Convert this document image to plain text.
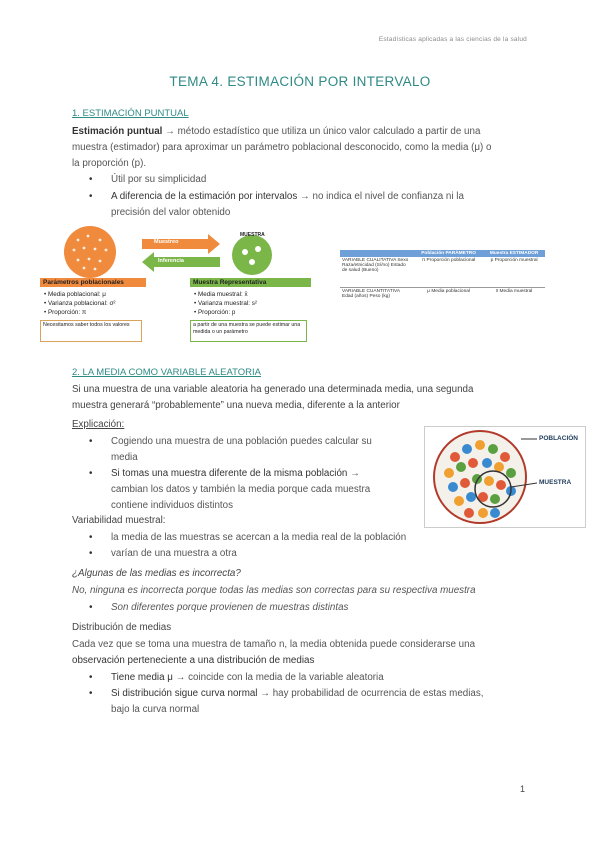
Estadísticas aplicadas a las ciencias de la salud
TEMA 4. ESTIMACIÓN POR INTERVALO
1. ESTIMACIÓN PUNTUAL
Estimación puntual → método estadístico que utiliza un único valor calculado a partir de una
muestra (estimador) para aproximar un parámetro poblacional desconocido, como la media (μ) o
la proporción (p).
• Útil por su simplicidad
• A diferencia de la estimación por intervalos → no indica el nivel de confianza ni la
precisión del valor obtenido
Muestreo
Inferencia
MUESTRA
Parámetros poblacionales
• Media poblacional: μ
• Varianza poblacional: σ²
• Proporción: π
Necesitamos saber todos los valores
Muestra Representativa
• Media muestral: x̄
• Varianza muestral: s²
• Proporción: p
a partir de una muestra se puede estimar una medida o un parámetro
	Población PARÁMETRO	Muestra ESTIMADOR
VARIABLE CUALITATIVA Sexo Raza/etnicidad (Sí/no) Estado de salud (Bueno)	π Proporción poblacional	p Proporción muestral
VARIABLE CUANTITATIVA Edad (años) Peso (kg)	μ Media poblacional	x̄ Media muestral
2. LA MEDIA COMO VARIABLE ALEATORIA
Si una muestra de una variable aleatoria ha generado una determinada media, una segunda
muestra generará “probablemente” una nueva media, diferente a la anterior
Explicación:
• Cogiendo una muestra de una población puedes calcular su
media
• Si tomas una muestra diferente de la misma población →
cambian los datos y también la media porque cada muestra
contiene individuos distintos
POBLACIÓN
MUESTRA
Variabilidad muestral:
• la media de las muestras se acercan a la media real de la población
• varían de una muestra a otra
¿Algunas de las medias es incorrecta?
No, ninguna es incorrecta porque todas las medias son correctas para su respectiva muestra
• Son diferentes porque provienen de muestras distintas
Distribución de medias
Cada vez que se toma una muestra de tamaño n, la media obtenida puede considerarse una
observación perteneciente a una distribución de medias
• Tiene media μ → coincide con la media de la variable aleatoria
• Si distribución sigue curva normal → hay probabilidad de ocurrencia de estas medias,
bajo la curva normal
1
